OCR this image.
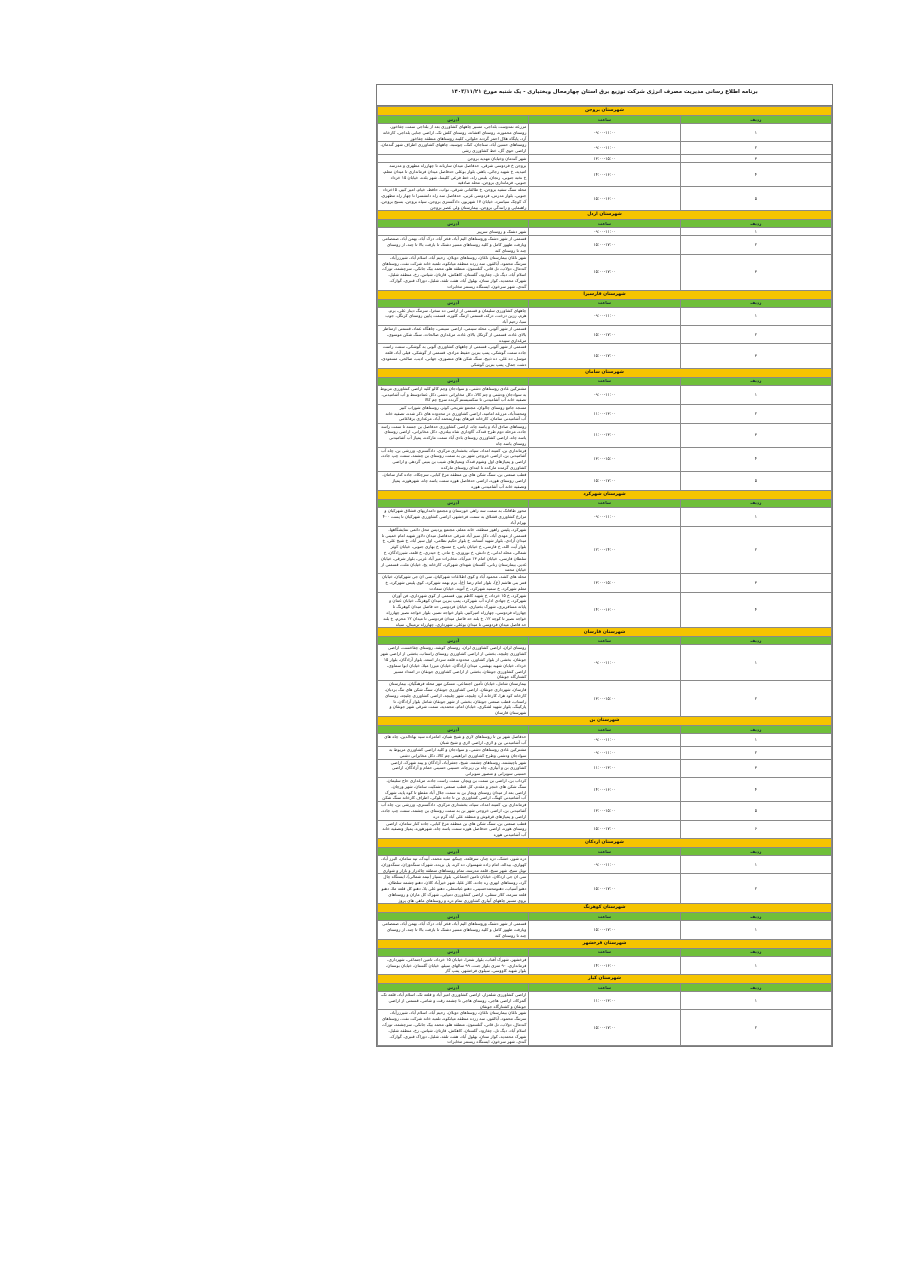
برنامه اطلاع رسانی مدیریت مصرف انرژی شرکت توزیع برق استان چهارمحال وبختیاری - یک شنبه مورخ ۱۴۰۳/۱۱/۲۱
شهرستان بروجن		
ردیف	ساعت	آدرس
۱	۰۹:۰۰-۱۱:۰۰	مزرعه نمدوست بلداجی، مسیر چاههای کشاورزی بعد از بلداجی سمت چغاخور، روستای محموره، روستای افشانه، روستای کلش تک، اراضی جنابی بلداجی، کارخانه آرد، پایگاه هلال احمر گردنه حلوائی، کلینه روستاهای منطقه چغاخور
۲	۰۹:۰۰-۱۱:۰۰	روستاهای حسین آباد، سناجان، کنک، چوسبه، چاههای کشاورزی اطراف شهر گندمان، اراضی حوی گل، خط کشاورزی رشی
۳	۱۳:۰۰-۱۵:۰۰	شهر گندمان وخیابان مهدیه بروجن
۴	۱۴:۰۰-۱۶:۰۰	بروجن خ فردوسی شرقی، حدفاصل میدان ساربانه تا چهارراه مطهری و مدرسه امیدیه، خ شهید رجائی، باهنر، بلوار بوعلی حدفاصل میدان فرمانداری تا میدان معلم، خ نخبه جنوبی، رنجان، بلیس راه، خط فرعی کلیسا، شهر بلده، خیابان ۱۵ خرداد جنوبی، فرمانداری بروجن، محله صادقیه
۵	۱۵:۰۰-۱۶:۰۰	محله سنگ سفید بروجن، خ طالقانی شرقی، نواب، حافظ، خیام، امیر کبیر، ۱۵خرداد جنوبی، بلوار مدرس، فردوسی غربی، حدفاصل سه راه دانشسرا تا چهار راه مطهری، ک کوچک سیاسرد، خیابان ۱۷ شهریور، دادگستری بروجن، سپاه بروجن، بسیج بروجن، راهنمایی و رانندگی بروجن، بیمارستان ولی عصر بروجن
شهرستان اردل		
ردیف	ساعت	آدرس
۱	۰۹:۰۰-۱۱:۰۰	شهر دشتک و روستای سرپیر
۲	۱۵:۰۰-۱۷:۰۰	قسمتی از شهر دشتک وروستاهای الیم آباد، فخر آباد، دزک آباد، بهمن آباد، صمصامی وبازفت ظهور کامل و کلیه روستاهای مسیر دشتک تا بازفت بالا تا چنه، از روستای چنه تا روستای کته
۳	۱۵:۰۰-۱۷:۰۰	شهر ناغان بیمارستان ناغان، روستاهای دوبلان، رحیم آباد، اسلام آباد، شیرزرآباد، سرتنگ محمود، آبالقور، سه زرده منطقه میانکوه، تلمبه خانه شرکت نفت، روستاهای کندمال، دولاب، تل قاتی، گنلستون، منطقه هلو، محمد بیک جانکی، سرچشمه، تورک، اسلام آباد، دیگ تل، چغارود، گلستان، کاهکش، قارتان، شیاس، رخ، منطقه شلیل، شهرک محمدیه، کوار ستان، بهلول آباد، هفت تلفه، شلیل، دوراک قنبری، گوارک، گندی، شهر سرخون، ایستگاه ریسمر مخابرات
شهرستان فارسیرا		
ردیف	ساعت	آدرس
۱	۰۹:۰۰-۱۱:۰۰	چاههای کشاورزی سلیمان و قسمتی از اراضی ده سخرا، سرتنگ دیناز علی، برم، هرم، رزین درخت، درکه، قسمتی ازتنگ کلوره، قسمت پایین روستای کرنگل، جوب سیا، رحیم آباد
۲	۱۵:۰۰-۱۷:۰۰	قسمتی از شهر آلونی، محله سینمی، اراضی سینمی، چاهگاه عماد، قسمتی ازمناظر بالای عاده، قسمتی از گرتکل بالای عاده، مرغداری صالحات، سنگ شکن موسوی، مرغداری سپیده
۳	۱۵:۰۰-۱۷:۰۰	قسمتی از شهر آلونی، قسمتی از چاههای کشاورزی آلونی به گوشکی، سمت راست جاده سمت گوشکی، پمپ بنزین حفیظ مرادی، قسمتی از گوشکی، فیلی آباد، قلعه موسل، ده علی، ده ذبیح، سنگ شکن های منصوری، جهانی، ادیب، صالحی، مسعودی، دشت جمال، پمپ بنزین گوشکی
شهرستان سامان		
ردیف	ساعت	آدرس
۱	۰۹:۰۰-۱۱:۰۰	مشترکین عادی روستاهای دشتی، و سوادجان وچم کالو کلیه اراضی کشاورزی مربوط به سوادجان ودشتی و چم کالا، دکل مخابراتی دشتی دکل عمادوسط و آب آشامیدنی، تصفیه خانه آب آشامیدنی تا سکسیستم گرنده سرچ چم کالا
۲	۱۱:۰۰-۱۳:۰۰	مسجد جامع روستای چالوان، مجتمع تفریحی کوثر، روستاهای شوراب کبیر ومحمدآباد، مزرعه امامیه، اراضی کشاورزی در محدوده های ذکر شده، تصفیه خانه آب آشامیدنی سامان، کارخانه قیرهای بهداریمحمد آباد، مرغداری برقاعامی
۳	۱۱:۰۰-۱۳:۰۰	روستاهای صادق آباد و یاسه چاه، اراضی کشاورزی حدفاصل بن جسته تا سمت راسد جاده، مرحله دوم طرح قندک، گاوداری شاه بیلدری، دکل مخابراتی، اراضی روستای یاسه چاه، اراضی کشاورزی روستای بادی آباد سمت مارکده، پمپاژ آب آشامیدنی روستای یاسه چاه
۴	۱۳:۰۰-۱۵:۰۰	فرمانداری بن، کمیته امداد، سپاه، بخشداری مرکزی، دادگستری، ورزشی بن، چاه آب آشامیدنی بن، اراضی خروجی شهر بن به سمت روستای بن چشمه، سمت چپ جاده، اراضی و پمپاژهای اول وشوم قندک وبمپاژهای شیب بن بنیتی گردهی و اراضی کشاورزی گرمده مارکده تا ابتدای روستای مارکده
۵	۱۵:۰۰-۱۷:۰۰	قطب صنعتی بن، سنگ شکن های بن منطقه مرغ کبابی، سرچکاد، جاده کنار سامان، اراضی روستای هوره، اراضی حدفاصل هوره سمت یاسه چاه، شهرهوره، پمپاژ وتصفیه خانه آب آشامیدنی هوره
شهرستان شهرکرد		
ردیف	ساعت	آدرس
۱	۰۹:۰۰-۱۱:۰۰	محور طاقانک به سمت سه راهی خوزستان و مجتمع دامداریهای قشلاق شهرکیان و مزارع کشاورزی قشلاق به سمت فرخشهر، اراضی کشاورزی شهرکیان تا پست ۴۰۰ بهرام آباد
۲	۱۲:۰۰-۱۴:۰۰	شهرکرد، پلیس راهور منطقه، خانه معلم، مجتمع پردیس محل دائمی نمایشگاهها، قسمتی از مهدی آباد، دکل سیر آباد شرقی حدفاصل میدان دلاور شهید امام خمینی تا میدان آزادی، بلوار شهید آستانه، خ بلوار حکیم نظامی، اول سیر آباد، خ شیخ علی، خ بلوار آیت الله، خ فارسی، خ خیابان یاس، خ مسیح، خ بهاری جنوبی، خیابان کوثر شمالی، محله لدانی، خ دانش، خ نوروزی، خ مادر، خ حیدری، خ قلعه، شیرزادگان، خ سلطان فارسی، خیابان امام ۱۳ میرآباد، مخابرات میر آباد عربی، بلوار شرقی، خیابان غدیر، بیمارستان زنانی، گلستان شهدای شهرکرد، کارخانه یخ، خیابان ملت، قسمتی از خیابان محمد
۳	۱۳:۰۰-۱۵:۰۰	محله های کشه، محمود آباد و کوی اطلاعات شهرکیان، سی ان جی شهرکیان، خیابان قمر بنی هاشم (ع)، بلوار امام رضا (ع)، برم بهمه شهرکرد، کوی پلیس شهرکرد، خ معلم شهرکرد، خ سمیه شهرکرد، خ آتوبه، خیابان سعادت
۴	۱۴:۰۰-۱۶:۰۰	شهرکرد، خ ۱۵ خرداد، خ شهید کاظم پور، قسمتی از کوی شهرداری، فن آوران شهرکرد، خ جهادی اداره آب شهرکرد، پمپ بنزین میدان کوهرنگ، خیابان عمان و پایانه مسافربری، شهرک بختیاری، خیابان فردوسی حد فاصل میدان کوهرنگ تا چهارراه فردوسی، چهارراه امیرکبیر، بلوار خواجه نصیر، بلوار خواجه نصیر چهارراه خواجه نصیر تا کوچه ۱۲، خ بلند حد فاصل میدان فردوسی تا میدان ۱۲ محرم، خ بلند حد فاصل میدان فردوسی تا میدان بوعلی، شهرداری، چهارراه ترمینال، سیاه
شهرستان فارسان		
ردیف	ساعت	آدرس
۱	۰۹:۰۰-۱۱:۰۰	روستای لران، اراضی کشاورزی لران، روستای کوشه، روستای چغاخست، اراضی کشاورزی چلیچه، بخشی از اراضی کشاورزی روستای راستاب، بخشی از اراضی شهر جونقان، بخشی از بلوار کشاورز، محدوده قلعه سردار اسعد، بلوار آزادگان، بلوار ۱۵ خرداد، خیابان شهید بهشتی، میدان آزادگان، خیابان میرزا میلا، خیابان ابوا سماوی، اراضی کشاورزی جونقان، بخشی از اراضی کشاورزی جونقان در امتداد مسیر کشتارگاه جونقان
۲	۱۳:۰۰-۱۵:۰۰	بیمارستان شامل، خیابان تأمین اجتماعی، مسکن مهر محله فرهنگیان، بیمارستان فارسان، شهرداری جونقان، اراضی کشاورزی جونقان، سنگ شکن های تنگ بردبان، کارخانه کود هرا، کارخانه آرد چلیچه، شهر چلیچه، اراضی کشاورزی چلیچه، روستای راستاب، قطب صنعتی جونقان، بخشی از شهر جونقان شامل بلوار آزادگان، تا پارکینگ، بلوار شهید لشکری، خیابان امام، محمدیه، سمت شرقی شهر جونقان و شهرستان فارسان
شهرستان بن		
ردیف	ساعت	آدرس
۱	۰۹:۰۰-۱۱:۰۰	حدفاصل شهر بن تا روستاهای لاری و شیخ شبان، امامزاده سید بهاءالدین، چاه های آب آشامیدنی بن و لاری، اراضی لاری و شیخ شبان
۲	۰۹:۰۰-۱۱:۰۰	مشترکین عادی روستاهای دشتی، و سوادجان و کلیه اراضی کشاورزی مربوط به سوادجان ودشتی وطرح کشاورزی ابراهیمی چم کالا، دکل مخابراتی دشتی
۳	۱۱:۰۰-۱۳:۰۰	شهر باچیشمه، روستاهای چشمه، شیخ، جعفرآباد، آزادگان و پینه شهرک، اراضی کشاورزی بن و آبیاری، چاه بن زیرچاه، حسینی حسینی حمام و آزادگان، اراضی حسینی سوبرانی و منصور سوبرانی
۴	۱۴:۰۰-۱۶:۰۰	کرداب بن، اراضی بن سمت بن ویچار، سمت راست جاده، مرغداری حاج سلیمان، سنگ شکن های خنجر و مقدم، کل قطب صنعتی دشتکیت سامان، شهر ورچان، اراضی بعد از میدان روستای ویچار بن به سمت جلال آباد مقطع تا کوه پایه، شهرک آب آشامیدنی کهنگ، اراضی کشاورزی بن تا جاده بلوکی، اطراف کارخانه سنگ شکن
۵	۱۳:۰۰-۱۵:۰۰	فرمانداری بن، کمیته امداد، سپاه، بخشداری مرکزی، دادگستری، ورزشی بن، چاه آب آشامیدنی بن، اراضی خروجی شهر بن به سمت روستای بن چشمه، سمت چپ جاده، اراضی و پمپاژهای قرقوش و منطقه علی آباد گرم دره
۶	۱۵:۰۰-۱۷:۰۰	قطب صنعتی بن، سنگ شکن های بن منطقه مرغ کبابی، جاده کنار سامان، اراضی روستای هوره، اراضی حدفاصل هوره سمت یاسه چاه، شهرهوره، پمپاژ وتصفیه خانه آب آشامیدنی هوره
شهرستان اردکان		
ردیف	ساعت	آدرس
۱	۰۹:۰۰-۱۱:۰۰	دره شور، خشک، دره چنار، سرقلعه، چینکو، سید محمد، آبیدک، تپه سامان، البرز آباد، کهواری، بیداله، امام زاده شهسوار، ده کره، پل بریده، شهرک سنگدوزان، سنگدوزان، تونل سبخ، شهر سبخ، قلعه مدرسه، تمام روستاهای منطقه چالدراز و بازار و شواری
۲	۱۵:۰۰-۱۷:۰۰	سی ان جی اردکان، خیابان تامین اجتماعی، بلوار بسیار (نیمه شمالی)، ایستگاه چال گرد، روستاهای ابهری ره جاده، کلار علیا، شهر خیرآباد کلان، دهنو چشمه سلطان، دهنو آسیاب، دهنومحمدحسینی، دهنو عباسعلی، دهنو علی بلا، دهنو کل قلعه ملا، دهنو قلعه سرمه، کلار سفلی، اراضی کشاورزی دمپایی، شهرک کل ماران و روستاهای بروی مسیر چاههای آبیاری کشاورزی تمام دره و روستاهای ماهی های پروژ
شهرستان کوهرنگ		
ردیف	ساعت	آدرس
۱	۱۵:۰۰-۱۷:۰۰	قسمتی از شهر دشتک وروستاهای الیم آباد، فخر آباد، دزک آباد، بهمن آباد، صمصامی وبازفت ظهور کامل و کلیه روستاهای مسیر دشتک تا بازفت بالا تا چنه، از روستای چنه تا روستای کته
شهرستان فرخشهر		
ردیف	ساعت	آدرس
۱	۱۴:۰۰-۱۶:۰۰	فرخشهر، شهرک آفتاب، بلوار شعرا، خیابان ۱۵ خرداد، تامین اجتماعی، شهرداری، فرمانداری، ۹۰ متری بلوار جنت، ۹۹ سالهای سیلو، خیابان گلستان، خیابان بوستان، بلوار شهید کاووسی، سیلوی فرخشهر، پمپ گاز
شهرستان کیار		
ردیف	ساعت	آدرس
۱	۱۱:۰۰-۱۳:۰۰	اراضی کشاورزی شلمزار، اراضی کشاورزی امیر آباد و قلعه تک، اسلام آباد، قلعه تک، آلمرکاد، اراضی هاجی، روستای هاجی تا چشمه رقت و شامی، قسمتی از اراضی جونقان و کشتارگاه جونقان
۲	۱۵:۰۰-۱۷:۰۰	شهر ناغان بیمارستان ناغان، روستاهای دوبلان، رحیم آباد، اسلام آباد، شیرزرآباد، سرتنگ محمود، آبالقور، سه زرده منطقه میانکوه، تلمبه خانه شرکت نفت، روستاهای کندمال، دولاب، تل قاتی، گنلستون، منطقه هلو، محمد بیک جانکی، سرچشمه، تورک، اسلام آباد، دیگ تل، چغارود، گلستان، کاهکش، قارتان، شیاس، رخ، منطقه شلیل، شهرک محمدیه، کوار ستان، بهلول آباد، هفت تلفه، شلیل، دوراک قنبری، گوارک، گندی، شهر سرخون، ایستگاه ریسمر مخابرات
